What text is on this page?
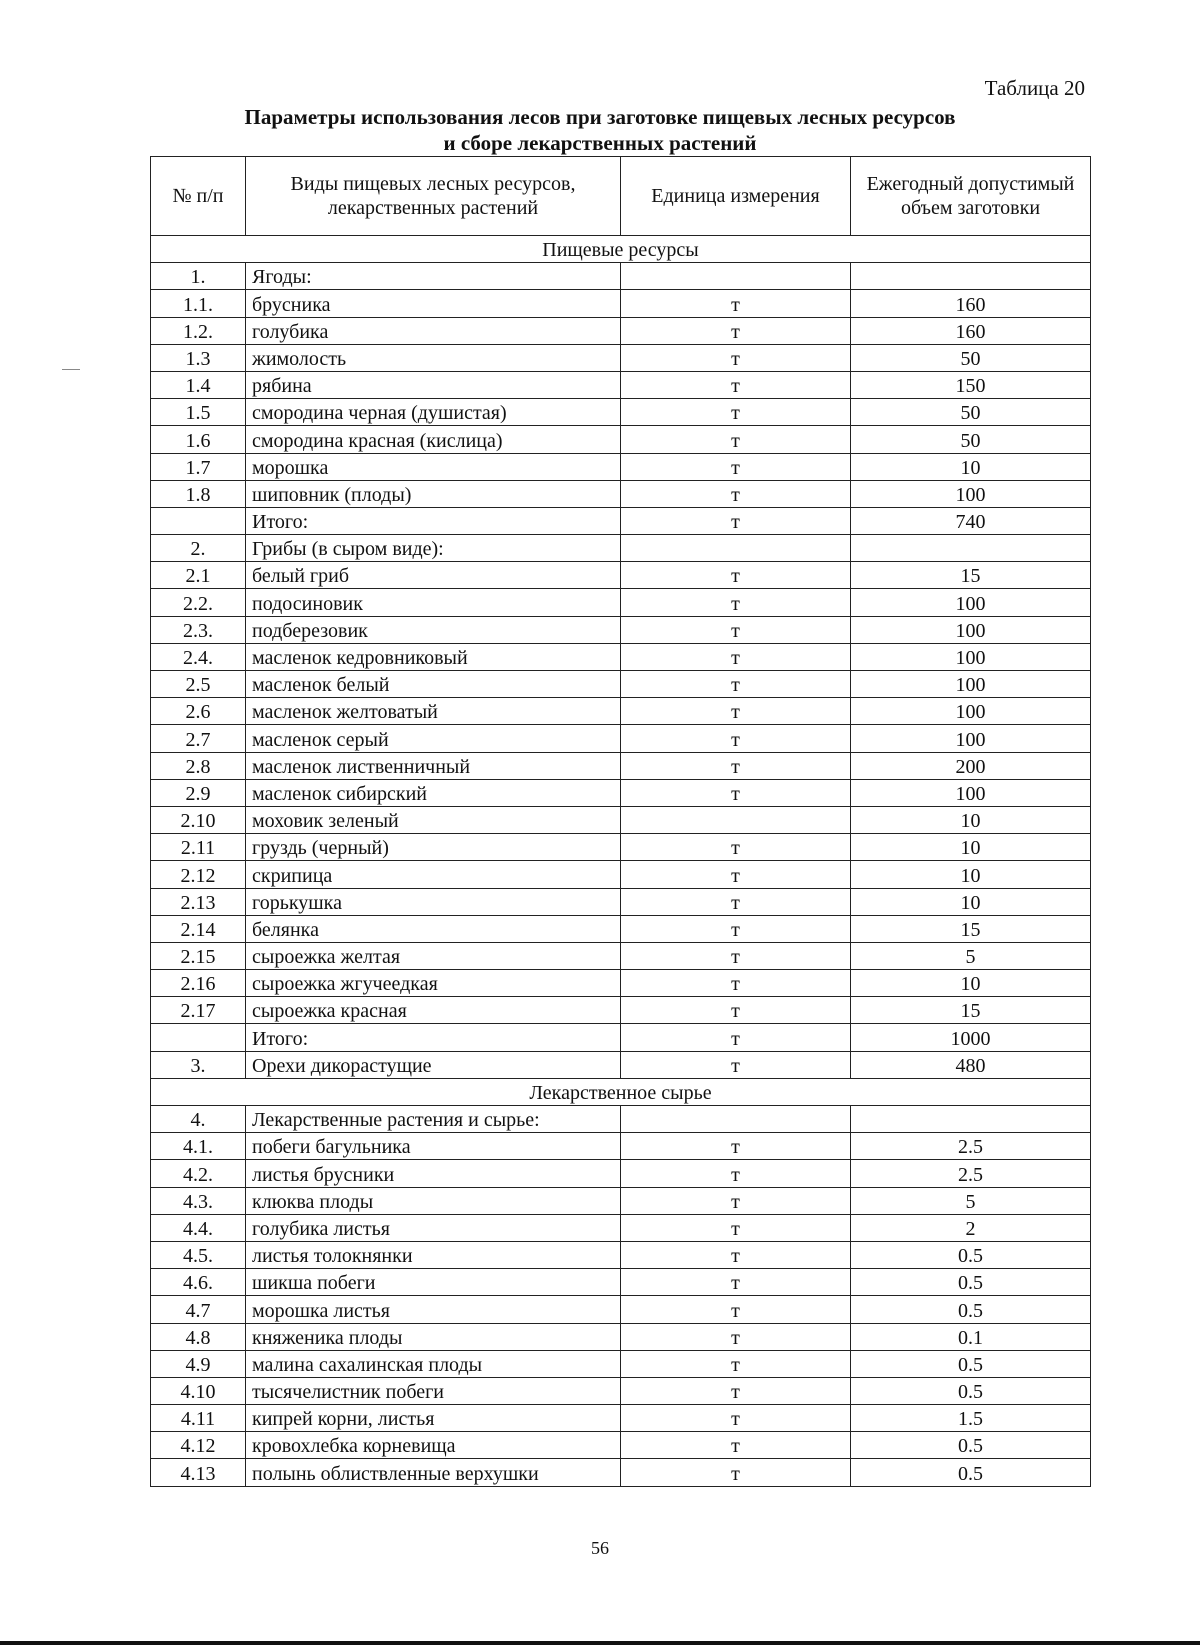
Таблица 20
Параметры использования лесов при заготовке пищевых лесных ресурсов
и сборе лекарственных растений
№ п/п	Виды пищевых лесных ресурсов, лекарственных растений	Единица измерения	Ежегодный допустимый объем заготовки
Пищевые ресурсы			
1.	Ягоды:		
1.1.	брусника	т	160
1.2.	голубика	т	160
1.3	жимолость	т	50
1.4	рябина	т	150
1.5	смородина черная (душистая)	т	50
1.6	смородина красная (кислица)	т	50
1.7	морошка	т	10
1.8	шиповник (плоды)	т	100
	Итого:	т	740
2.	Грибы (в сыром виде):		
2.1	белый гриб	т	15
2.2.	подосиновик	т	100
2.3.	подберезовик	т	100
2.4.	масленок кедровниковый	т	100
2.5	масленок белый	т	100
2.6	масленок желтоватый	т	100
2.7	масленок серый	т	100
2.8	масленок лиственничный	т	200
2.9	масленок сибирский	т	100
2.10	моховик зеленый		10
2.11	груздь (черный)	т	10
2.12	скрипица	т	10
2.13	горькушка	т	10
2.14	белянка	т	15
2.15	сыроежка желтая	т	5
2.16	сыроежка жгучеедкая	т	10
2.17	сыроежка красная	т	15
	Итого:	т	1000
3.	Орехи дикорастущие	т	480
Лекарственное сырье			
4.	Лекарственные растения и сырье:		
4.1.	побеги багульника	т	2.5
4.2.	листья брусники	т	2.5
4.3.	клюква плоды	т	5
4.4.	голубика листья	т	2
4.5.	листья толокнянки	т	0.5
4.6.	шикша побеги	т	0.5
4.7	морошка листья	т	0.5
4.8	княженика плоды	т	0.1
4.9	малина сахалинская плоды	т	0.5
4.10	тысячелистник побеги	т	0.5
4.11	кипрей корни, листья	т	1.5
4.12	кровохлебка корневища	т	0.5
4.13	полынь облиствленные верхушки	т	0.5
56
